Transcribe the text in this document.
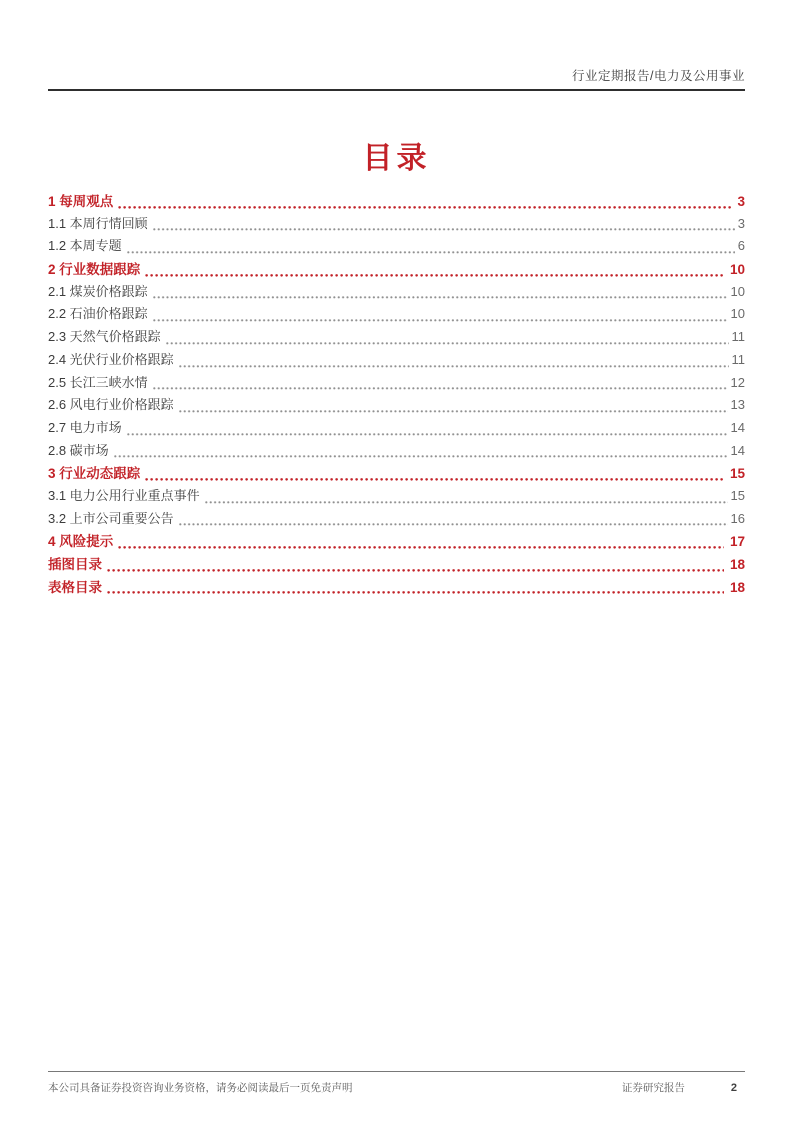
行业定期报告/电力及公用事业
目录
1 每周观点	3
1.1 本周行情回顾	3
1.2 本周专题	6
2 行业数据跟踪	10
2.1 煤炭价格跟踪	10
2.2 石油价格跟踪	10
2.3 天然气价格跟踪	11
2.4 光伏行业价格跟踪	11
2.5 长江三峡水情	12
2.6 风电行业价格跟踪	13
2.7 电力市场	14
2.8 碳市场	14
3 行业动态跟踪	15
3.1 电力公用行业重点事件	15
3.2 上市公司重要公告	16
4 风险提示	17
插图目录	18
表格目录	18
本公司具备证券投资咨询业务资格，请务必阅读最后一页免责声明	证券研究报告	2
